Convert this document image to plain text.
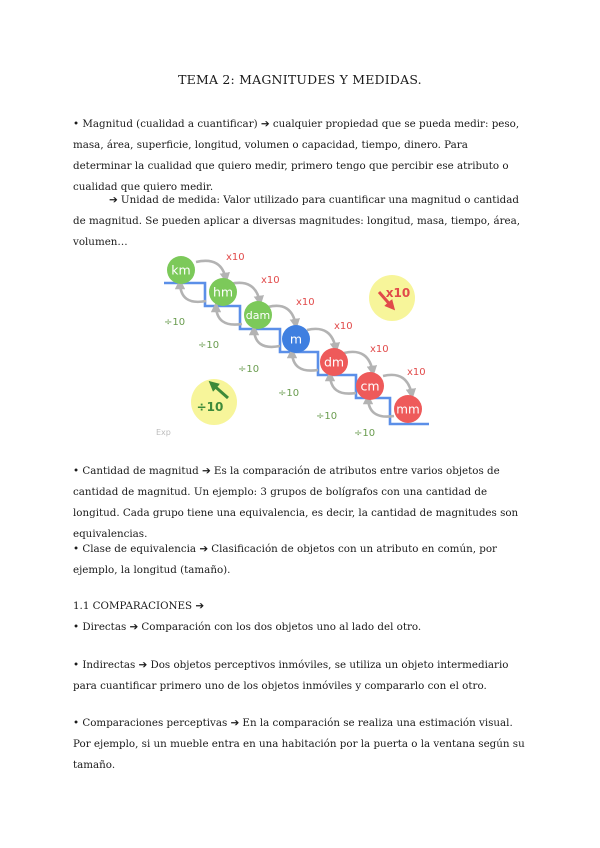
TEMA 2: MAGNITUDES Y MEDIDAS.

• Magnitud (cualidad a cuantificar) ➔ cualquier propiedad que se pueda medir: peso, masa, área, superficie, longitud, volumen o capacidad, tiempo, dinero. Para determinar la cualidad que quiero medir, primero tengo que percibir ese atributo o cualidad que quiero medir.

➔ Unidad de medida: Valor utilizado para cuantificar una magnitud o cantidad de magnitud. Se pueden aplicar a diversas magnitudes: longitud, masa, tiempo, área, volumen…

km
hm
dam
m
dm
cm
mm
x10
x10
x10
x10
x10
x10
÷10
÷10
÷10
÷10
÷10
÷10
x10
÷10
Exp

• Cantidad de magnitud ➔ Es la comparación de atributos entre varios objetos de cantidad de magnitud. Un ejemplo: 3 grupos de bolígrafos con una cantidad de longitud. Cada grupo tiene una equivalencia, es decir, la cantidad de magnitudes son equivalencias.

• Clase de equivalencia ➔ Clasificación de objetos con un atributo en común, por ejemplo, la longitud (tamaño).

1.1 COMPARACIONES ➔

• Directas ➔ Comparación con los dos objetos uno al lado del otro.

• Indirectas ➔ Dos objetos perceptivos inmóviles, se utiliza un objeto intermediario para cuantificar primero uno de los objetos inmóviles y compararlo con el otro.

• Comparaciones perceptivas ➔ En la comparación se realiza una estimación visual. Por ejemplo, si un mueble entra en una habitación por la puerta o la ventana según su tamaño.
